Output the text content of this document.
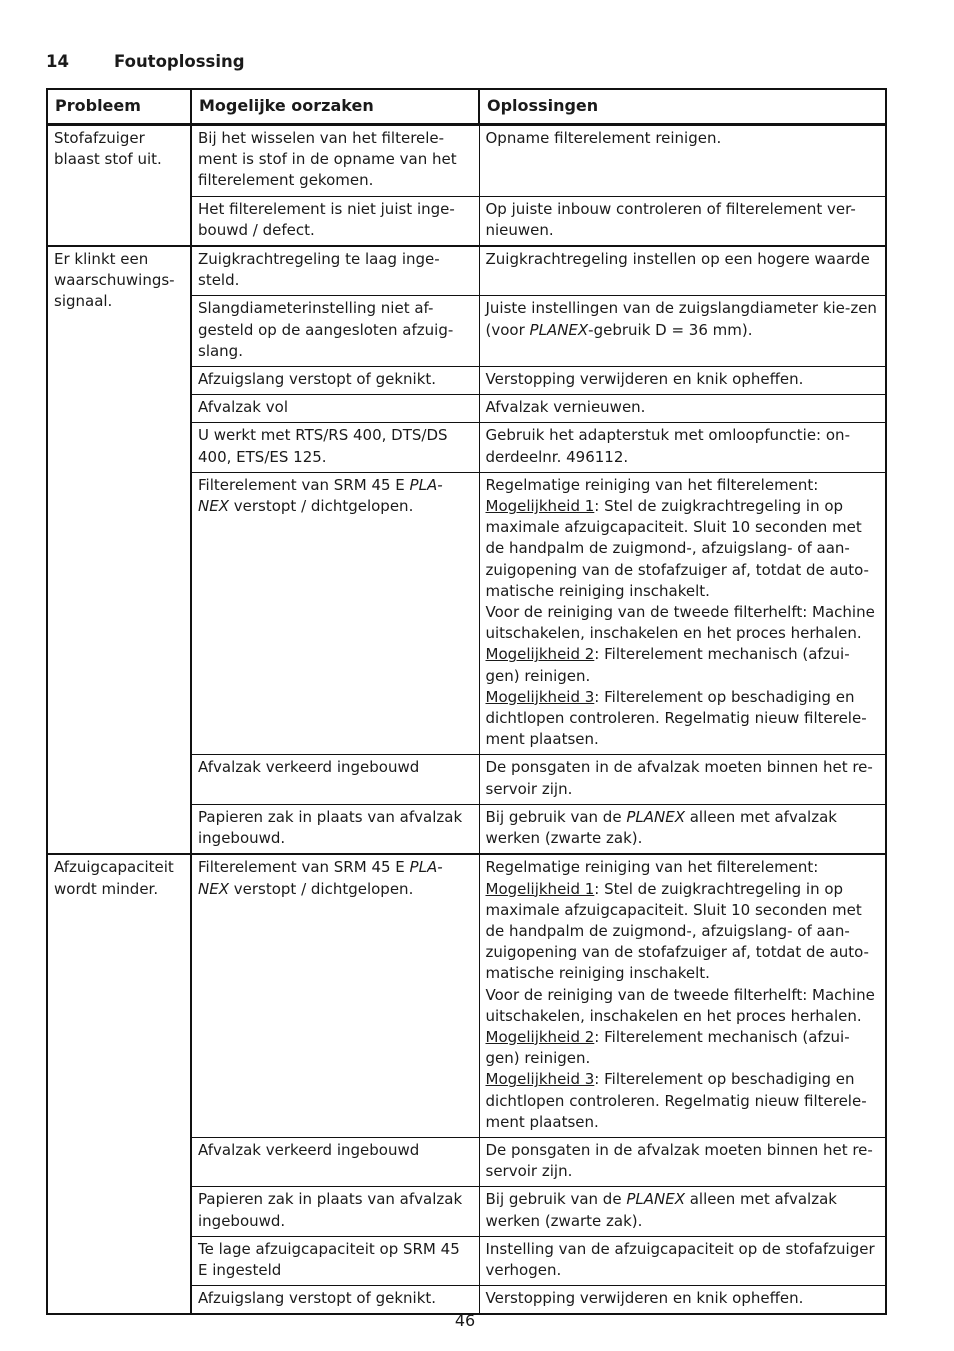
14	Foutoplossing
Probleem	Mogelijke oorzaken	Oplossingen
Stofafzuiger blaast stof uit.	Bij het wisselen van het filterele-ment is stof in de opname van het filterelement gekomen.	Opname filterelement reinigen.
	Het filterelement is niet juist inge-bouwd / defect.	Op juiste inbouw controleren of filterelement ver-nieuwen.
Er klinkt een waarschuwings-signaal.	Zuigkrachtregeling te laag inge-steld.	Zuigkrachtregeling instellen op een hogere waarde
	Slangdiameterinstelling niet af-gesteld op de aangesloten afzuig-slang.	Juiste instellingen van de zuigslangdiameter kie-zen (voor PLANEX-gebruik D = 36 mm).
	Afzuigslang verstopt of geknikt.	Verstopping verwijderen en knik opheffen.
	Afvalzak vol	Afvalzak vernieuwen.
	U werkt met RTS/RS 400, DTS/DS 400, ETS/ES 125.	Gebruik het adapterstuk met omloopfunctie: on-derdeelnr. 496112.
	Filterelement van SRM 45 E PLA-NEX verstopt / dichtgelopen.	Regelmatige reiniging van het filterelement:

Mogelijkheid 1: Stel de zuigkrachtregeling in op maximale afzuigcapaciteit. Sluit 10 seconden met de handpalm de zuigmond-, afzuigslang- of aan-zuigopening van de stofafzuiger af, totdat de auto-matische reiniging inschakelt.

Voor de reiniging van de tweede filterhelft: Machine uitschakelen, inschakelen en het proces herhalen.

Mogelijkheid 2: Filterelement mechanisch (afzui-gen) reinigen.

Mogelijkheid 3: Filterelement op beschadiging en dichtlopen controleren. Regelmatig nieuw filterele-ment plaatsen.

	Afvalzak verkeerd ingebouwd	De ponsgaten in de afvalzak moeten binnen het re-servoir zijn.
	Papieren zak in plaats van afvalzak ingebouwd.	Bij gebruik van de PLANEX alleen met afvalzak werken (zwarte zak).
Afzuigcapaciteit wordt minder.	Filterelement van SRM 45 E PLA-NEX verstopt / dichtgelopen.	Regelmatige reiniging van het filterelement:

Mogelijkheid 1: Stel de zuigkrachtregeling in op maximale afzuigcapaciteit. Sluit 10 seconden met de handpalm de zuigmond-, afzuigslang- of aan-zuigopening van de stofafzuiger af, totdat de auto-matische reiniging inschakelt.

Voor de reiniging van de tweede filterhelft: Machine uitschakelen, inschakelen en het proces herhalen.

Mogelijkheid 2: Filterelement mechanisch (afzui-gen) reinigen.

Mogelijkheid 3: Filterelement op beschadiging en dichtlopen controleren. Regelmatig nieuw filterele-ment plaatsen.

	Afvalzak verkeerd ingebouwd	De ponsgaten in de afvalzak moeten binnen het re-servoir zijn.
	Papieren zak in plaats van afvalzak ingebouwd.	Bij gebruik van de PLANEX alleen met afvalzak werken (zwarte zak).
	Te lage afzuigcapaciteit op SRM 45 E ingesteld	Instelling van de afzuigcapaciteit op de stofafzuiger verhogen.
	Afzuigslang verstopt of geknikt.	Verstopping verwijderen en knik opheffen.
46
